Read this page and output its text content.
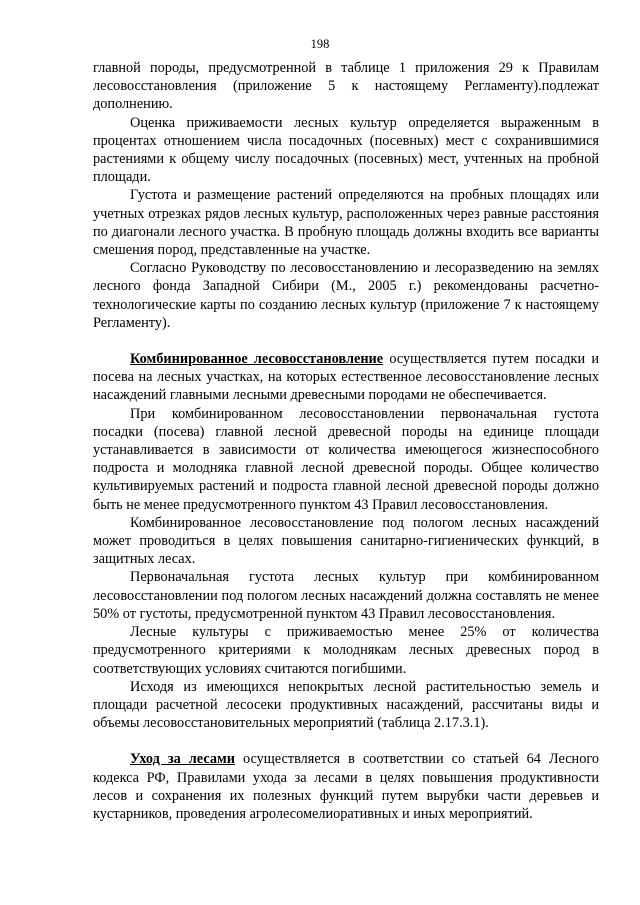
198

главной породы, предусмотренной в таблице 1 приложения 29 к Правилам лесовосстановления (приложение 5 к настоящему Регламенту).подлежат дополнению.

Оценка приживаемости лесных культур определяется выраженным в процентах отношением числа посадочных (посевных) мест с сохранившимися растениями к общему числу посадочных (посевных) мест, учтенных на пробной площади.

Густота и размещение растений определяются на пробных площадях или учетных отрезках рядов лесных культур, расположенных через равные расстояния по диагонали лесного участка. В пробную площадь должны входить все варианты смешения пород, представленные на участке.

Согласно Руководству по лесовосстановлению и лесоразведению на землях лесного фонда Западной Сибири (М., 2005 г.) рекомендованы расчетно-технологические карты по созданию лесных культур (приложение 7 к настоящему Регламенту).

Комбинированное лесовосстановление осуществляется путем посадки и посева на лесных участках, на которых естественное лесовосстановление лесных насаждений главными лесными древесными породами не обеспечивается.

При комбинированном лесовосстановлении первоначальная густота посадки (посева) главной лесной древесной породы на единице площади устанавливается в зависимости от количества имеющегося жизнеспособного подроста и молодняка главной лесной древесной породы. Общее количество культивируемых растений и подроста главной лесной древесной породы должно быть не менее предусмотренного пунктом 43 Правил лесовосстановления.

Комбинированное лесовосстановление под пологом лесных насаждений может проводиться в целях повышения санитарно-гигиенических функций, в защитных лесах.

Первоначальная густота лесных культур при комбинированном лесовосстановлении под пологом лесных насаждений должна составлять не менее 50% от густоты, предусмотренной пунктом 43 Правил лесовосстановления.

Лесные культуры с приживаемостью менее 25% от количества предусмотренного критериями к молоднякам лесных древесных пород в соответствующих условиях считаются погибшими.

Исходя из имеющихся непокрытых лесной растительностью земель и площади расчетной лесосеки продуктивных насаждений, рассчитаны виды и объемы лесовосстановительных мероприятий (таблица 2.17.3.1).

Уход за лесами осуществляется в соответствии со статьей 64 Лесного кодекса РФ, Правилами ухода за лесами в целях повышения продуктивности лесов и сохранения их полезных функций путем вырубки части деревьев и кустарников, проведения агролесомелиоративных и иных мероприятий.
